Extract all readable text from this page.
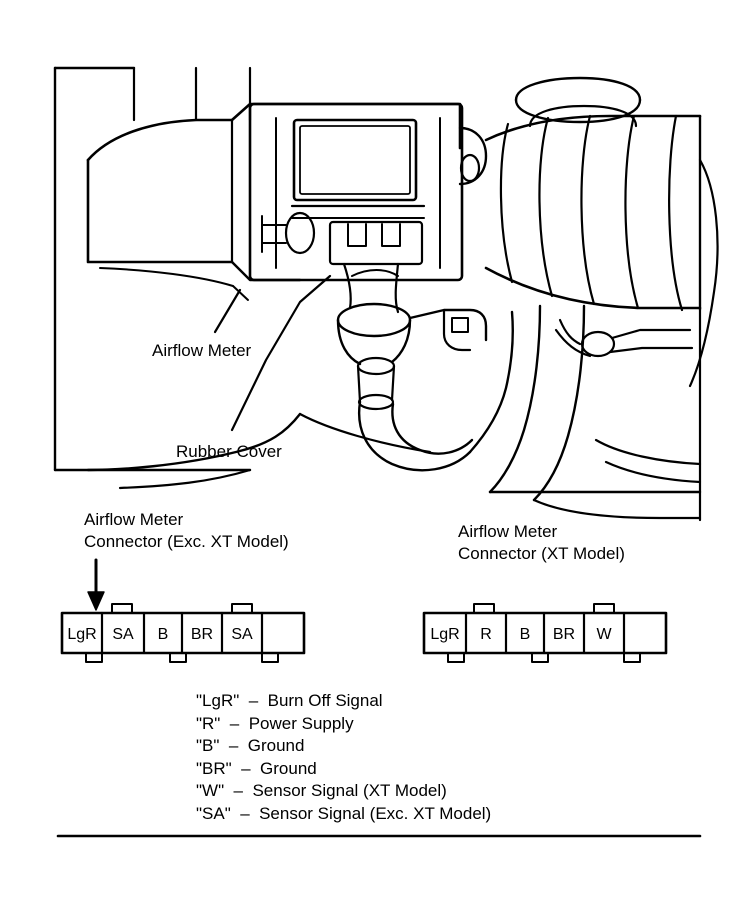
LgR SA B BR SA	LgR R B BR W
Airflow Meter
Rubber Cover
Airflow Meter
Connector (Exc. XT Model)
Airflow Meter
Connector (XT Model)
"LgR"  –  Burn Off Signal
"R"  –  Power Supply
"B"  –  Ground
"BR"  –  Ground
"W"  –  Sensor Signal (XT Model)
"SA"  –  Sensor Signal (Exc. XT Model)
